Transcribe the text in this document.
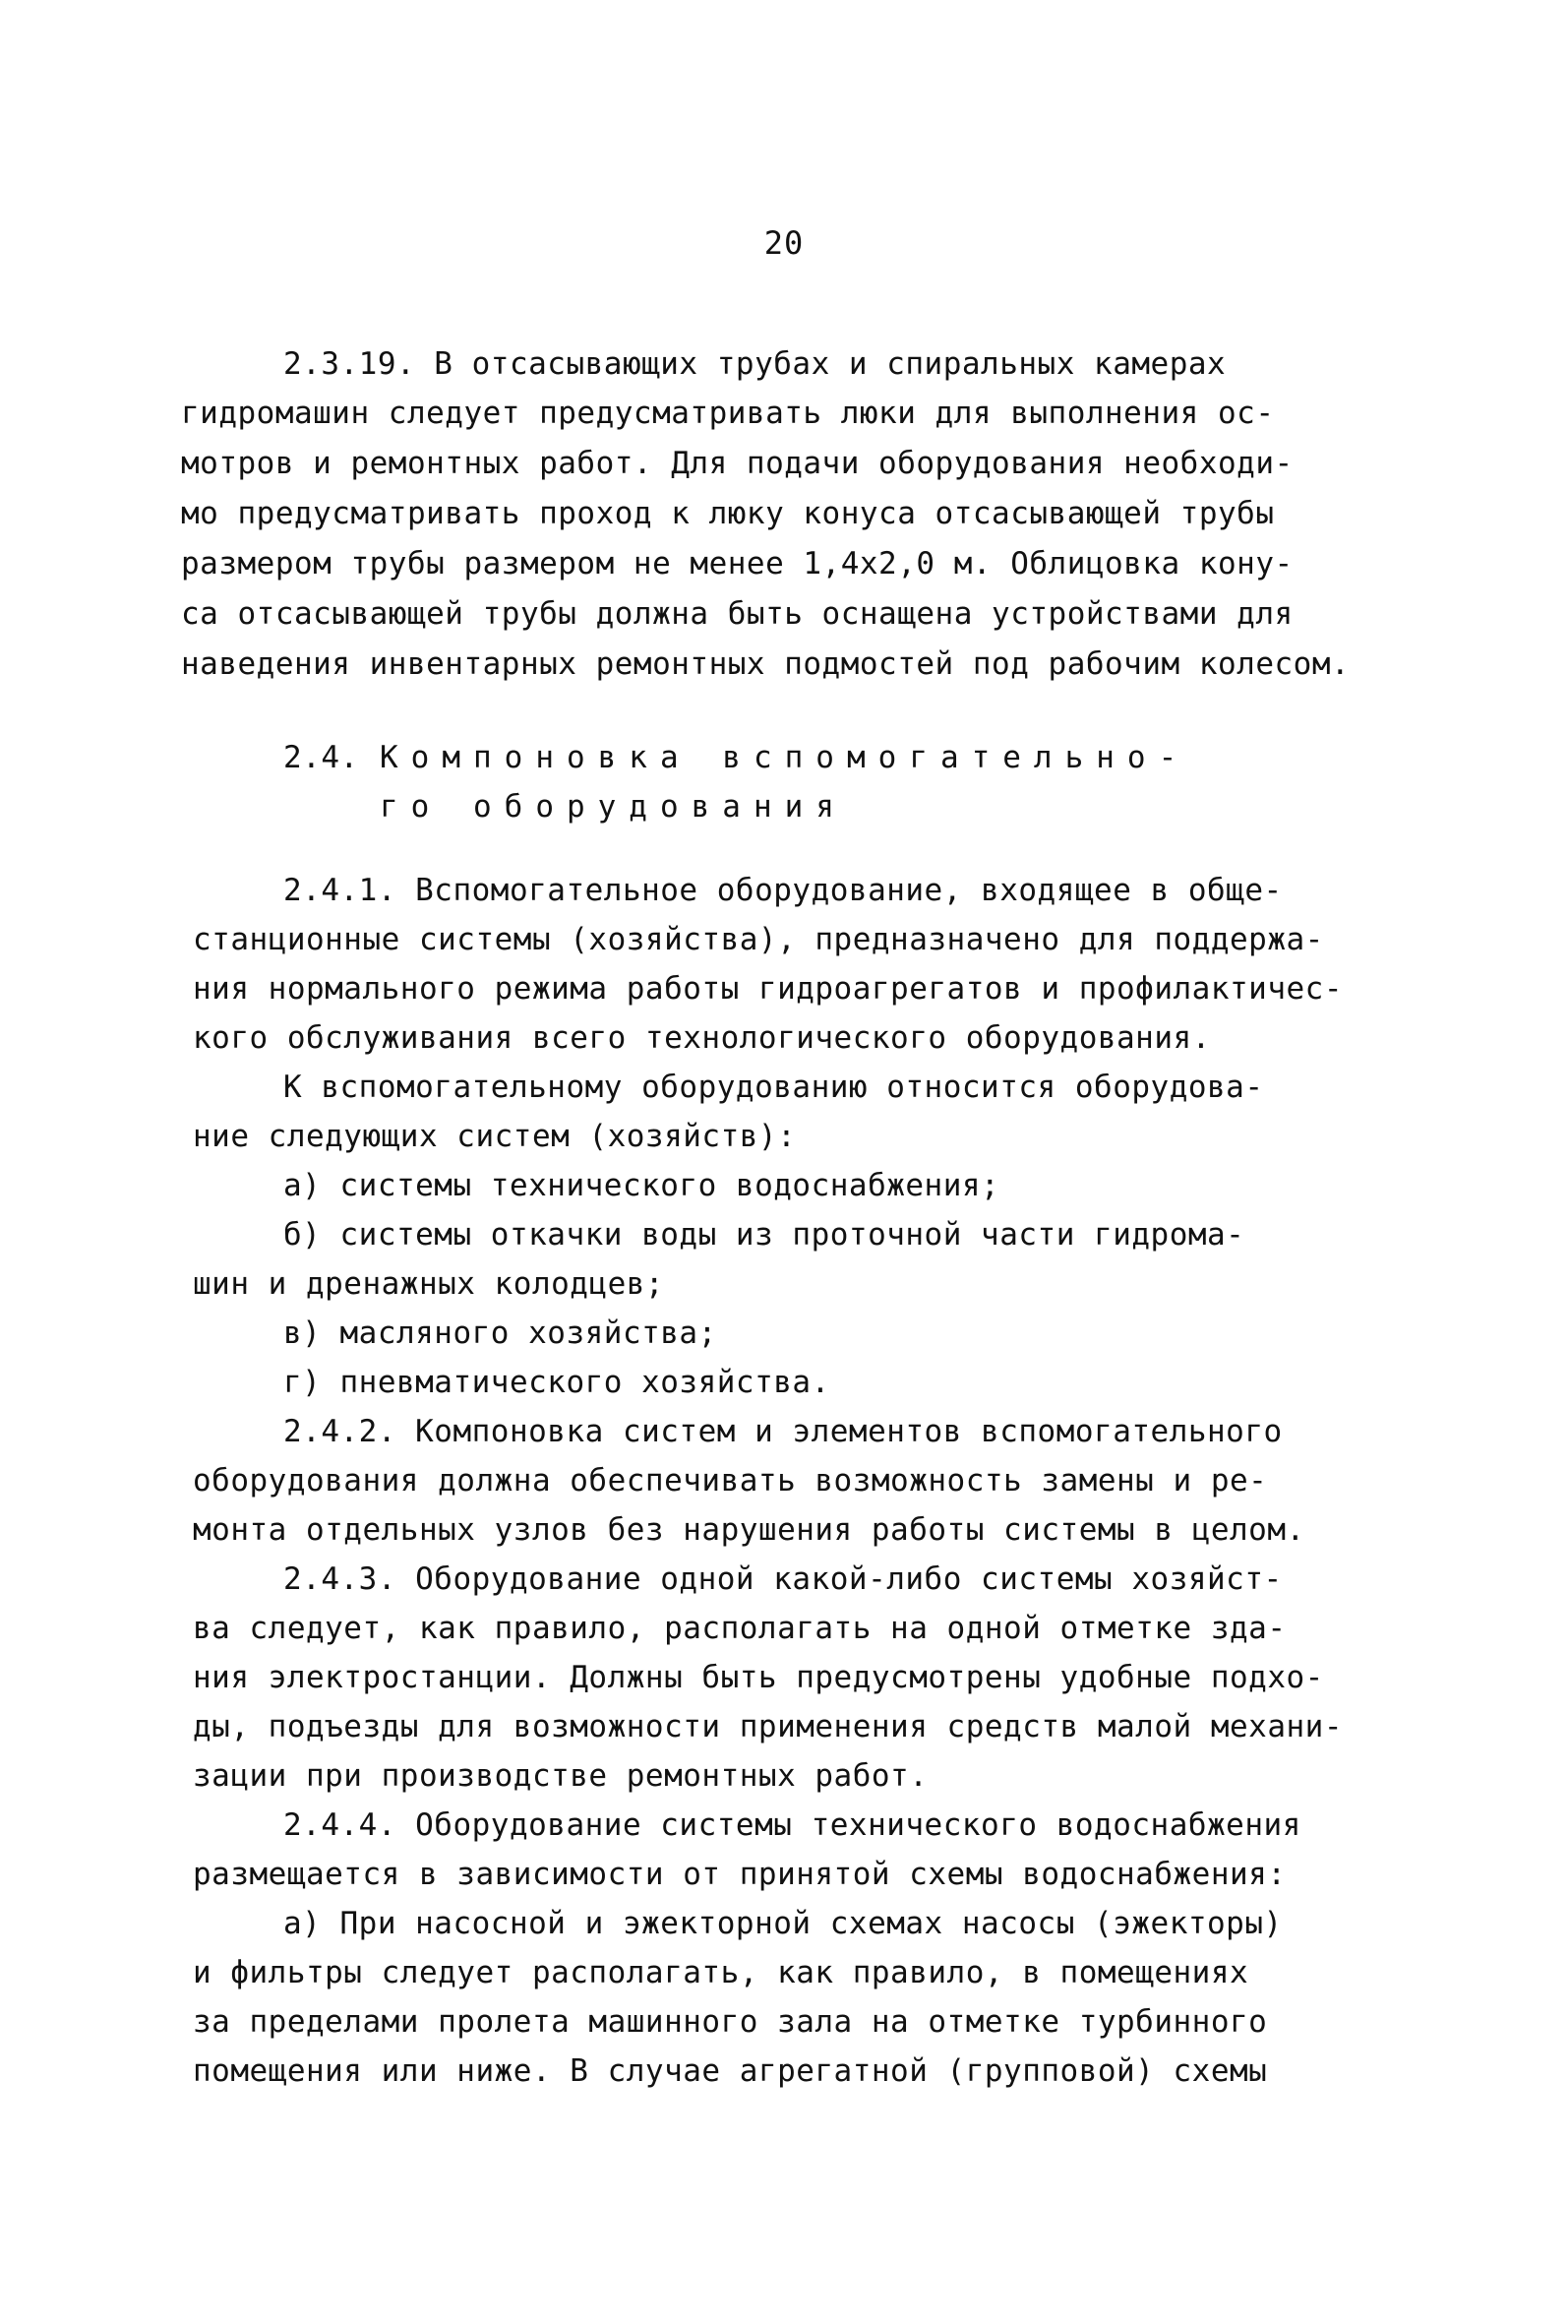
20
2.3.19. В отсасывающих трубах и спиральных камерах
гидромашин следует предусматривать люки для выполнения ос-
мотров и ремонтных работ. Для подачи оборудования необходи-
мо предусматривать проход к люку конуса отсасывающей трубы
размером трубы размером не менее 1,4x2,0 м. Облицовка кону-
са отсасывающей трубы должна быть оснащена устройствами для
наведения инвентарных ремонтных подмостей под рабочим колесом.
2.4. Компоновка вспомогательно-
го оборудования
2.4.1. Вспомогательное оборудование, входящее в обще-
станционные системы (хозяйства), предназначено для поддержа-
ния нормального режима работы гидроагрегатов и профилактичес-
кого обслуживания всего технологического оборудования.
К вспомогательному оборудованию относится оборудова-
ние следующих систем (хозяйств):
а) системы технического водоснабжения;
б) системы откачки воды из проточной части гидрома-
шин и дренажных колодцев;
в) масляного хозяйства;
г) пневматического хозяйства.
2.4.2. Компоновка систем и элементов вспомогательного
оборудования должна обеспечивать возможность замены и ре-
монта отдельных узлов без нарушения работы системы в целом.
2.4.3. Оборудование одной какой-либо системы хозяйст-
ва следует, как правило, располагать на одной отметке зда-
ния электростанции. Должны быть предусмотрены удобные подхо-
ды, подъезды для возможности применения средств малой механи-
зации при производстве ремонтных работ.
2.4.4. Оборудование системы технического водоснабжения
размещается в зависимости от принятой схемы водоснабжения:
а) При насосной и эжекторной схемах насосы (эжекторы)
и фильтры следует располагать, как правило, в помещениях
за пределами пролета машинного зала на отметке турбинного
помещения или ниже. В случае агрегатной (групповой) схемы
